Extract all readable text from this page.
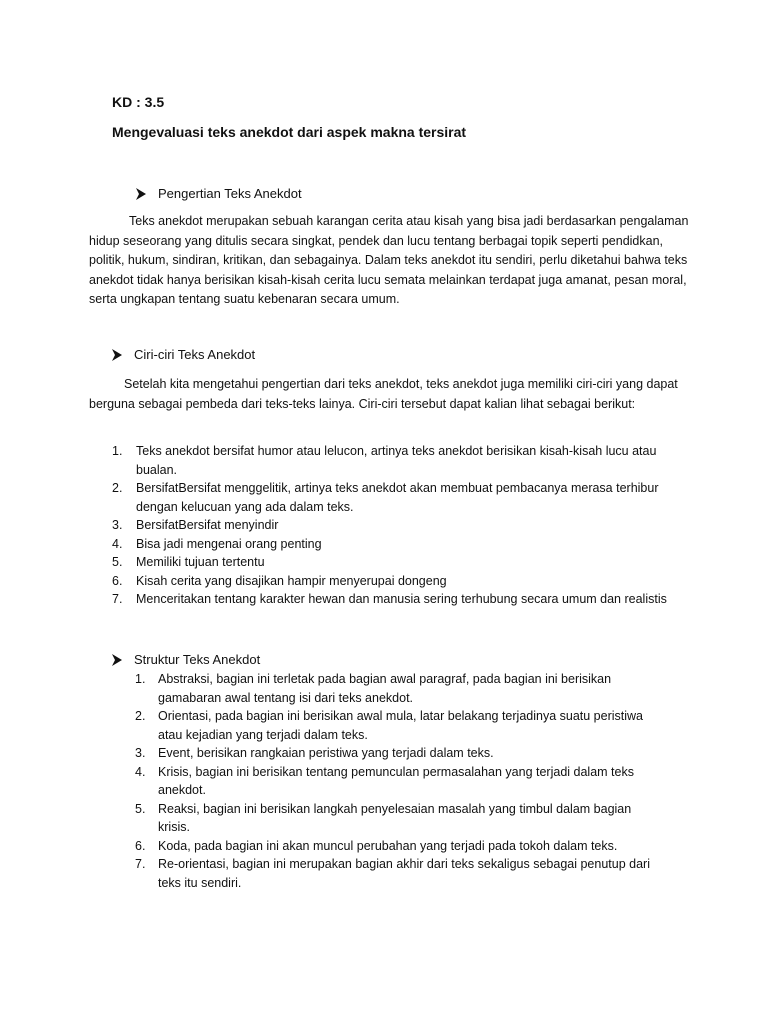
KD : 3.5
Mengevaluasi teks anekdot dari aspek makna tersirat
Pengertian Teks Anekdot
Teks anekdot merupakan sebuah karangan cerita atau kisah yang bisa jadi berdasarkan pengalaman hidup seseorang yang ditulis secara singkat, pendek dan lucu tentang berbagai topik seperti pendidkan, politik, hukum, sindiran, kritikan, dan sebagainya. Dalam teks anekdot itu sendiri, perlu diketahui bahwa teks anekdot tidak hanya berisikan kisah-kisah cerita lucu semata melainkan terdapat juga amanat, pesan moral, serta ungkapan tentang suatu kebenaran secara umum.
Ciri-ciri Teks Anekdot
Setelah kita mengetahui pengertian dari teks anekdot, teks anekdot juga memiliki ciri-ciri yang dapat berguna sebagai pembeda dari teks-teks lainya. Ciri-ciri tersebut dapat kalian lihat sebagai berikut:
1. Teks anekdot bersifat humor atau lelucon, artinya teks anekdot berisikan kisah-kisah lucu atau bualan.
2. BersifatBersifat menggelitik, artinya teks anekdot akan membuat pembacanya merasa terhibur dengan kelucuan yang ada dalam teks.
3. BersifatBersifat menyindir
4. Bisa jadi mengenai orang penting
5. Memiliki tujuan tertentu
6. Kisah cerita yang disajikan hampir menyerupai dongeng
7. Menceritakan tentang karakter hewan dan manusia sering terhubung secara umum dan realistis
Struktur Teks Anekdot
1. Abstraksi, bagian ini terletak pada bagian awal paragraf, pada bagian ini berisikan gamabaran awal tentang isi dari teks anekdot.
2. Orientasi, pada bagian ini berisikan awal mula, latar belakang terjadinya suatu peristiwa atau kejadian yang terjadi dalam teks.
3. Event, berisikan rangkaian peristiwa yang terjadi dalam teks.
4. Krisis, bagian ini berisikan tentang pemunculan permasalahan yang terjadi dalam teks anekdot.
5. Reaksi, bagian ini berisikan langkah penyelesaian masalah yang timbul dalam bagian krisis.
6. Koda, pada bagian ini akan muncul perubahan yang terjadi pada tokoh dalam teks.
7. Re-orientasi, bagian ini merupakan bagian akhir dari teks sekaligus sebagai penutup dari teks itu sendiri.
